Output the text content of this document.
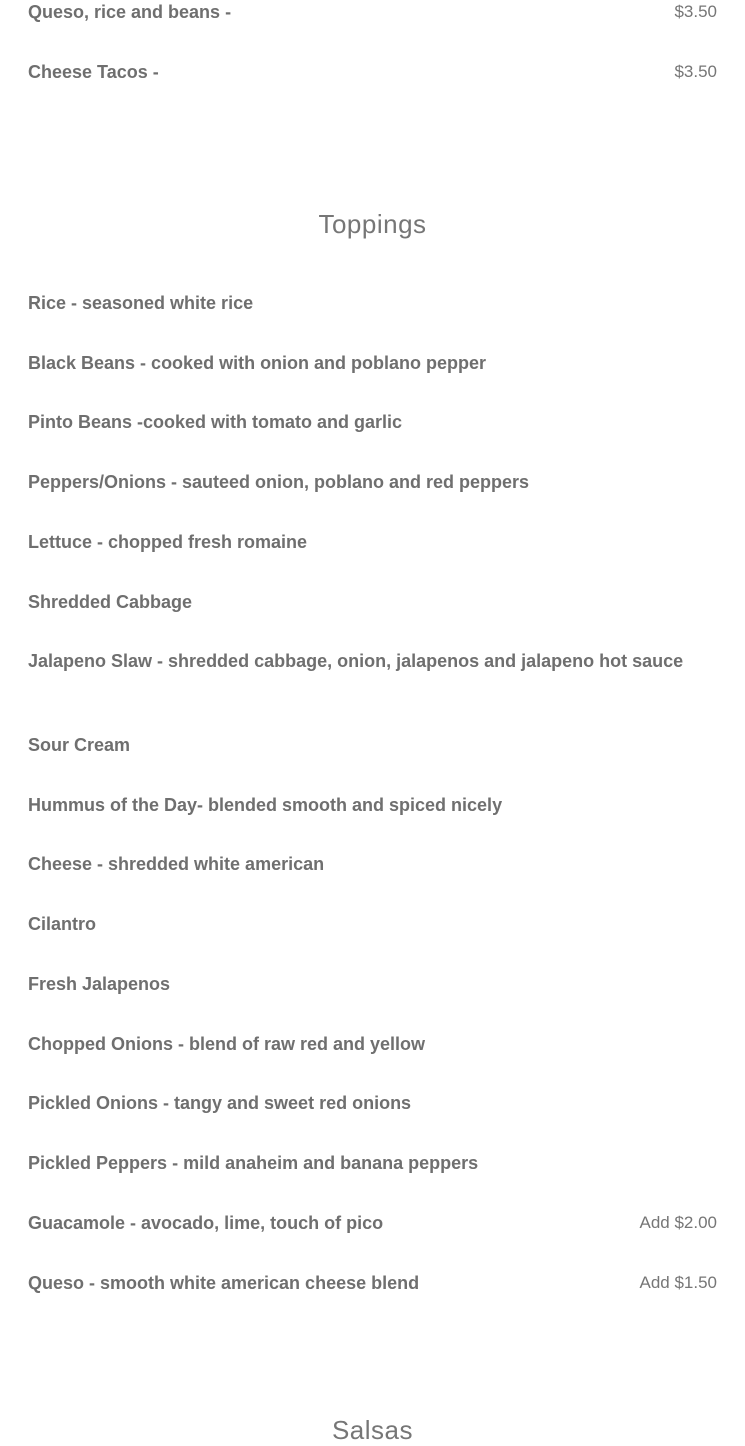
Queso, rice and beans -	$3.50
Cheese Tacos -	$3.50
Toppings
Rice - seasoned white rice
Black Beans - cooked with onion and poblano pepper
Pinto Beans -cooked with tomato and garlic
Peppers/Onions - sauteed onion, poblano and red peppers
Lettuce - chopped fresh romaine
Shredded Cabbage
Jalapeno Slaw - shredded cabbage, onion, jalapenos and jalapeno hot sauce
Sour Cream
Hummus of the Day- blended smooth and spiced nicely
Cheese - shredded white american
Cilantro
Fresh Jalapenos
Chopped Onions - blend of raw red and yellow
Pickled Onions - tangy and sweet red onions
Pickled Peppers - mild anaheim and banana peppers
Guacamole - avocado, lime, touch of pico	Add $2.00
Queso - smooth white american cheese blend	Add $1.50
Salsas
